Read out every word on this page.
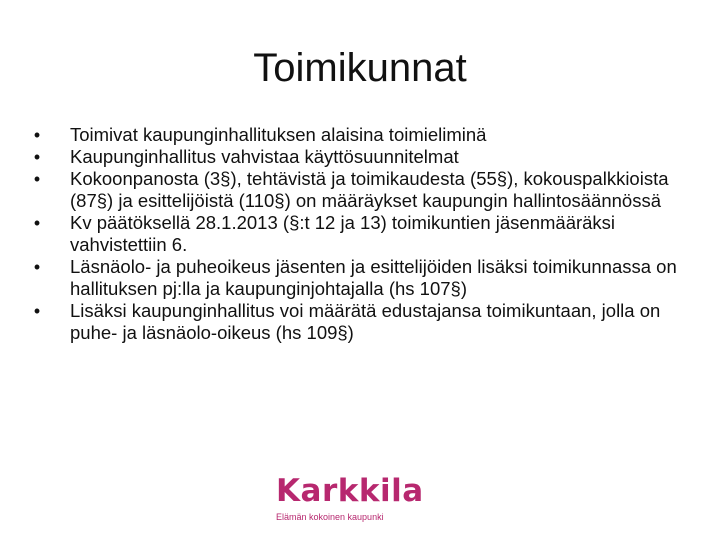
Toimikunnat
• Toimivat kaupunginhallituksen alaisina toimieliminä
• Kaupunginhallitus vahvistaa käyttösuunnitelmat
• Kokoonpanosta (3§), tehtävistä ja toimikaudesta (55§), kokouspalkkioista (87§) ja esittelijöistä (110§) on määräykset kaupungin hallintosäännössä
• Kv päätöksellä 28.1.2013 (§:t 12 ja 13) toimikuntien jäsenmääräksi vahvistettiin 6.
• Läsnäolo- ja puheoikeus jäsenten ja esittelijöiden lisäksi toimikunnassa on hallituksen pj:lla ja kaupunginjohtajalla (hs 107§)
• Lisäksi kaupunginhallitus voi määrätä edustajansa toimikuntaan, jolla on puhe- ja läsnäolo-oikeus (hs 109§)
Karkkila
Elämän kokoinen kaupunki
